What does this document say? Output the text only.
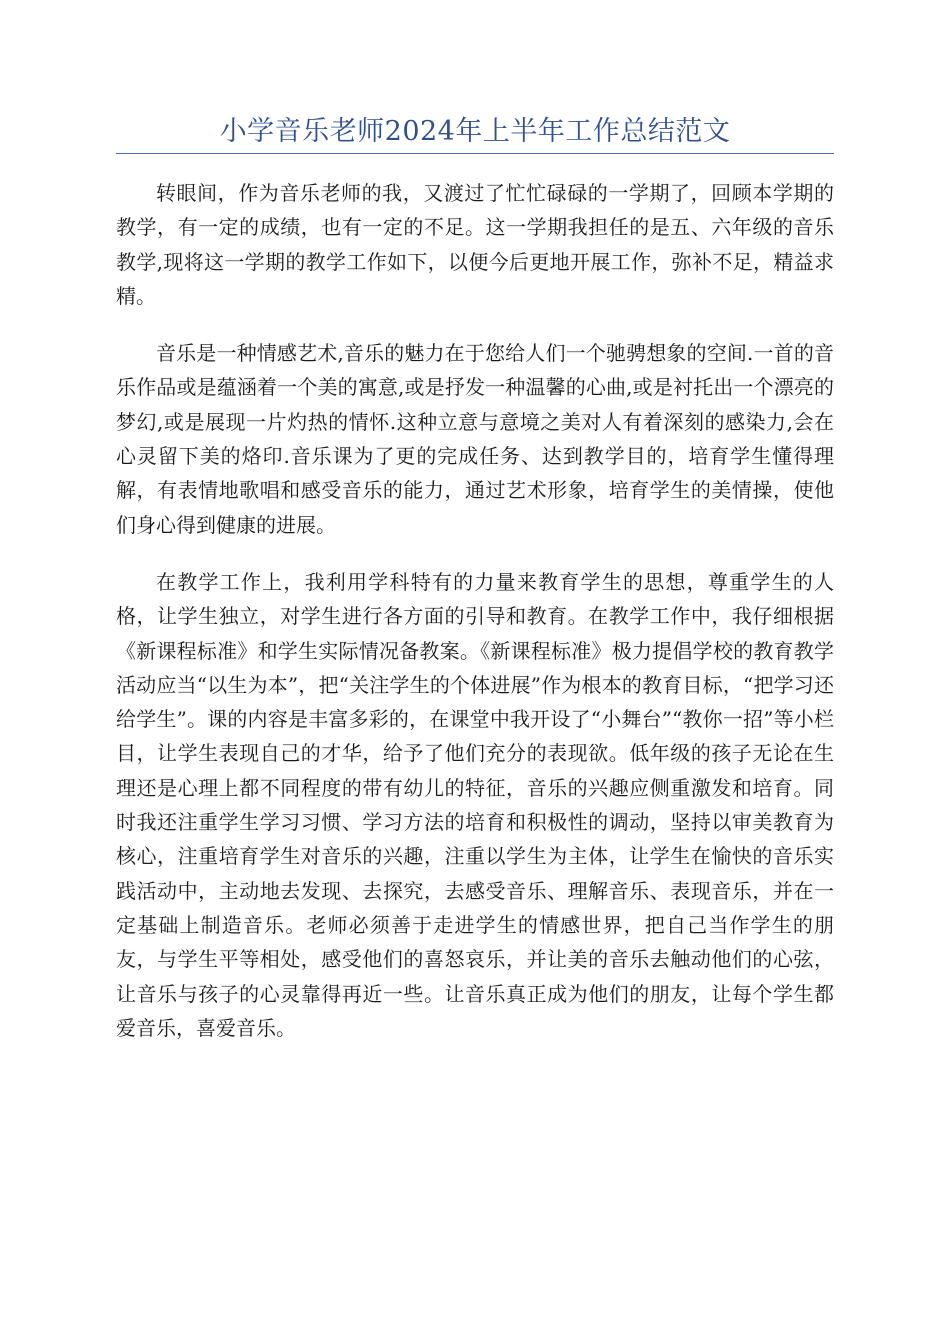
小学音乐老师2024年上半年工作总结范文

转眼间，作为音乐老师的我，又渡过了忙忙碌碌的一学期了，回顾本学期的教学，有一定的成绩，也有一定的不足。这一学期我担任的是五、六年级的音乐教学,现将这一学期的教学工作如下，以便今后更地开展工作，弥补不足，精益求精。

音乐是一种情感艺术,音乐的魅力在于您给人们一个驰骋想象的空间.一首的音乐作品或是蕴涵着一个美的寓意,或是抒发一种温馨的心曲,或是衬托出一个漂亮的梦幻,或是展现一片灼热的情怀.这种立意与意境之美对人有着深刻的感染力,会在心灵留下美的烙印.音乐课为了更的完成任务、达到教学目的，培育学生懂得理解，有表情地歌唱和感受音乐的能力，通过艺术形象，培育学生的美情操，使他们身心得到健康的进展。

在教学工作上，我利用学科特有的力量来教育学生的思想，尊重学生的人格，让学生独立，对学生进行各方面的引导和教育。在教学工作中，我仔细根据《新课程标准》和学生实际情况备教案。《新课程标准》极力提倡学校的教育教学活动应当“以生为本”，把“关注学生的个体进展”作为根本的教育目标，“把学习还给学生”。课的内容是丰富多彩的，在课堂中我开设了“小舞台”“教你一招”等小栏目，让学生表现自己的才华，给予了他们充分的表现欲。低年级的孩子无论在生理还是心理上都不同程度的带有幼儿的特征，音乐的兴趣应侧重激发和培育。同时我还注重学生学习习惯、学习方法的培育和积极性的调动，坚持以审美教育为核心，注重培育学生对音乐的兴趣，注重以学生为主体，让学生在愉快的音乐实践活动中，主动地去发现、去探究，去感受音乐、理解音乐、表现音乐，并在一定基础上制造音乐。老师必须善于走进学生的情感世界，把自己当作学生的朋友，与学生平等相处，感受他们的喜怒哀乐，并让美的音乐去触动他们的心弦，让音乐与孩子的心灵靠得再近一些。让音乐真正成为他们的朋友，让每个学生都爱音乐，喜爱音乐。
